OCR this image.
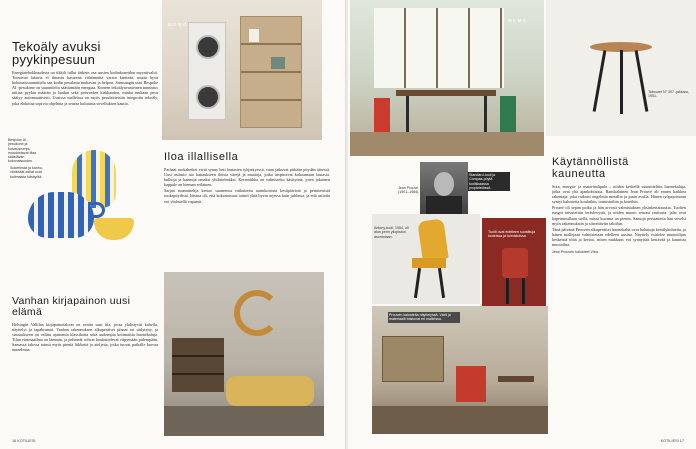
Tekoäly avuksi pyykinpesuun
Energiatehokkuudesta on tikkilt tullut tärkein osa uusien kodinkoneiden myyntivaltti. Toimivaa lakuria ei ilmastu kasteena välttämättä varsin kiinteää, mutta hyvä kokonaissuunnittelu saa kodin pesulasta mukavan ja helpon. Samsungin uusi Bespoke AI -pesukone on suunniteltu säästämään energiaa. Koneen tekoälyavusteinen tunnistus mittaa pyykin määrän ja laadun sekä pesuveden kirkkauden, minkä mukaan pesu säätyy automaattisesti. Uusissa malleissa on myös pesulaitteisiin integroitu tekoäly, joka ehdottaa sopivia ohjelmia ja seuraa kulutusta sovelluksen kautta.
MEMO
Bespoke AI -pesukone ja kuivausrumpu muodostavat tilaa säästävän kokonaisuuden.
Sokerimaa ja kannu, värikkäät astiat ovat kotimaista käsityötä.
Iloa illallisella

Parhaat ruokahetket eivät synny heti lautasten tyhjentyessä, vaan jatkuvat pitkään pöydän ääressä. Uusi astiasto tuo kattaukseen iloisia värejä ja muotoja, jotka inspiroivat kokoamaan lautasia, kulhoja ja kannuja omaksi yhdistelmäksi. Keramiikka on valmistettu käsityönä, joten jokainen kappale on hieman erilainen.

Sarjan suunnittelija kertoo saaneensa vaikutteita aurinkoisista kesäpäivistä ja perinteisistä ruokapöydistä. Ideana oli, että kokonaisuus toimii yhtä hyvin arjessa kuin juhlassa, ja että astioita voi yhdistellä vapaasti.

Vanhan kirjapainon uusi elämä
Helsingin Vallilan kirjapainotaloon on avattu uusi tila, jossa yhdistyvät kahvila, näyttelyt ja tapahtumat. Vanhan rakennuksen alkuperäiset pinnat on säilytetty, ja sisustukseen on valittu ajattomia klassikoita sekä uudempia kotimaisia huonekaluja. Tilan värimaailma on lämmin, ja pehmeät sohvat houkuttelevat viipymään pidempään. Samassa talossa toimii myös pieniä liikkeitä ja ateljeita, jotka tuovat paikalle luovaa tunnelmaa.
16 KOTILIESI
MEMO
Tabouret N° 307 -jakkara, 1951.
Standard-tuoli ja Compas-pöytä kodikkaassa ympäristössä.
Jean Prouvé (1901–1984).
Antony-tuoli, 1954, oli alun perin yliopiston asuntolaan.
Tuolit ovat edelleen suosittuja kodeissa ja toimistoissa.
Prouvén kalusteita näyttelyssä. Värit ja materiaalit toistuvat eri malleissa.
Käytännöllistä kauneutta

Sota, energia- ja materiaalipula – niiden keskellä suunniteltiin huonekaluja, jotka ovat yhä ajankohtaisia. Ranskalainen Jean Prouvé oli ennen kaikkea rakentaja, joka ratkaisi ongelmia metallin ja puun avulla. Hänen työpajoissaan syntyi kalusteita kouluihin, toimistoihin ja koteihin.

Prouvé oli sepän poika ja hän arvosti valmistuksen yksinkertaisuutta. Tuolien rungot taivutettiin teräslevystä, ja niiden muoto seurasi rasitusta: jalat ovat kapeimmillaan siellä, missä kuorma on pienin. Samoja periaatteita hän sovelsi myös rakennuksiin ja siirrettäviin taloihin.

Tänä päivänä Prouvén alkuperäiset huonekalut ovat haluttuja keräilykohteita, ja hänen mallejaan valmistetaan edelleen uusina. Näyttely esittelee muotoilijan keskeisiä töitä ja kertoo, miten niukkuus voi synnyttää kestävää ja kaunista muotoilua.

Jean Prouvén kalusteet Vitra.
KOTILIESI 17
